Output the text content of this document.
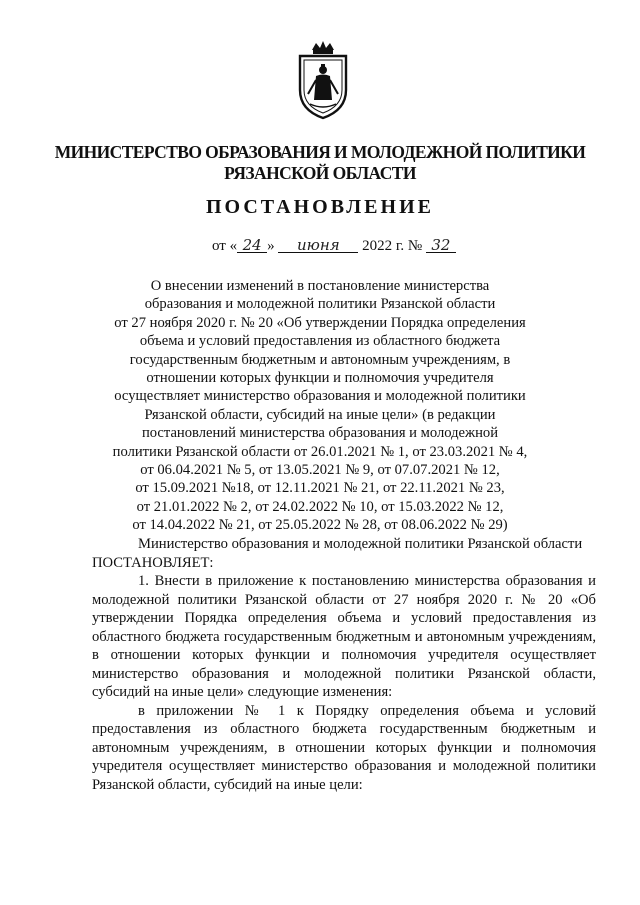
МИНИСТЕРСТВО ОБРАЗОВАНИЯ И МОЛОДЕЖНОЙ ПОЛИТИКИ
РЯЗАНСКОЙ ОБЛАСТИ
ПОСТАНОВЛЕНИЕ
от « 24 » июня 2022 г. № 32
О внесении изменений в постановление министерства
образования и молодежной политики Рязанской области
от 27 ноября 2020 г. № 20 «Об утверждении Порядка определения
объема и условий предоставления из областного бюджета
государственным бюджетным и автономным учреждениям, в
отношении которых функции и полномочия учредителя
осуществляет министерство образования и молодежной политики
Рязанской области, субсидий на иные цели» (в редакции
постановлений министерства образования и молодежной
политики Рязанской области от 26.01.2021 № 1, от 23.03.2021 № 4,
от 06.04.2021 № 5, от 13.05.2021 № 9, от 07.07.2021 № 12,
от 15.09.2021 №18, от 12.11.2021 № 21, от 22.11.2021 № 23,
от 21.01.2022 № 2, от 24.02.2022 № 10, от 15.03.2022 № 12,
от 14.04.2022 № 21, от 25.05.2022 № 28, от 08.06.2022 № 29)

Министерство образования и молодежной политики Рязанской области

ПОСТАНОВЛЯЕТ:

1. Внести в приложение к постановлению министерства образования и молодежной политики Рязанской области от 27 ноября 2020 г. № 20 «Об утверждении Порядка определения объема и условий предоставления из областного бюджета государственным бюджетным и автономным учреждениям, в отношении которых функции и полномочия учредителя осуществляет министерство образования и молодежной политики Рязанской области, субсидий на иные цели» следующие изменения:

в приложении № 1 к Порядку определения объема и условий предоставления из областного бюджета государственным бюджетным и автономным учреждениям, в отношении которых функции и полномочия учредителя осуществляет министерство образования и молодежной политики Рязанской области, субсидий на иные цели:
